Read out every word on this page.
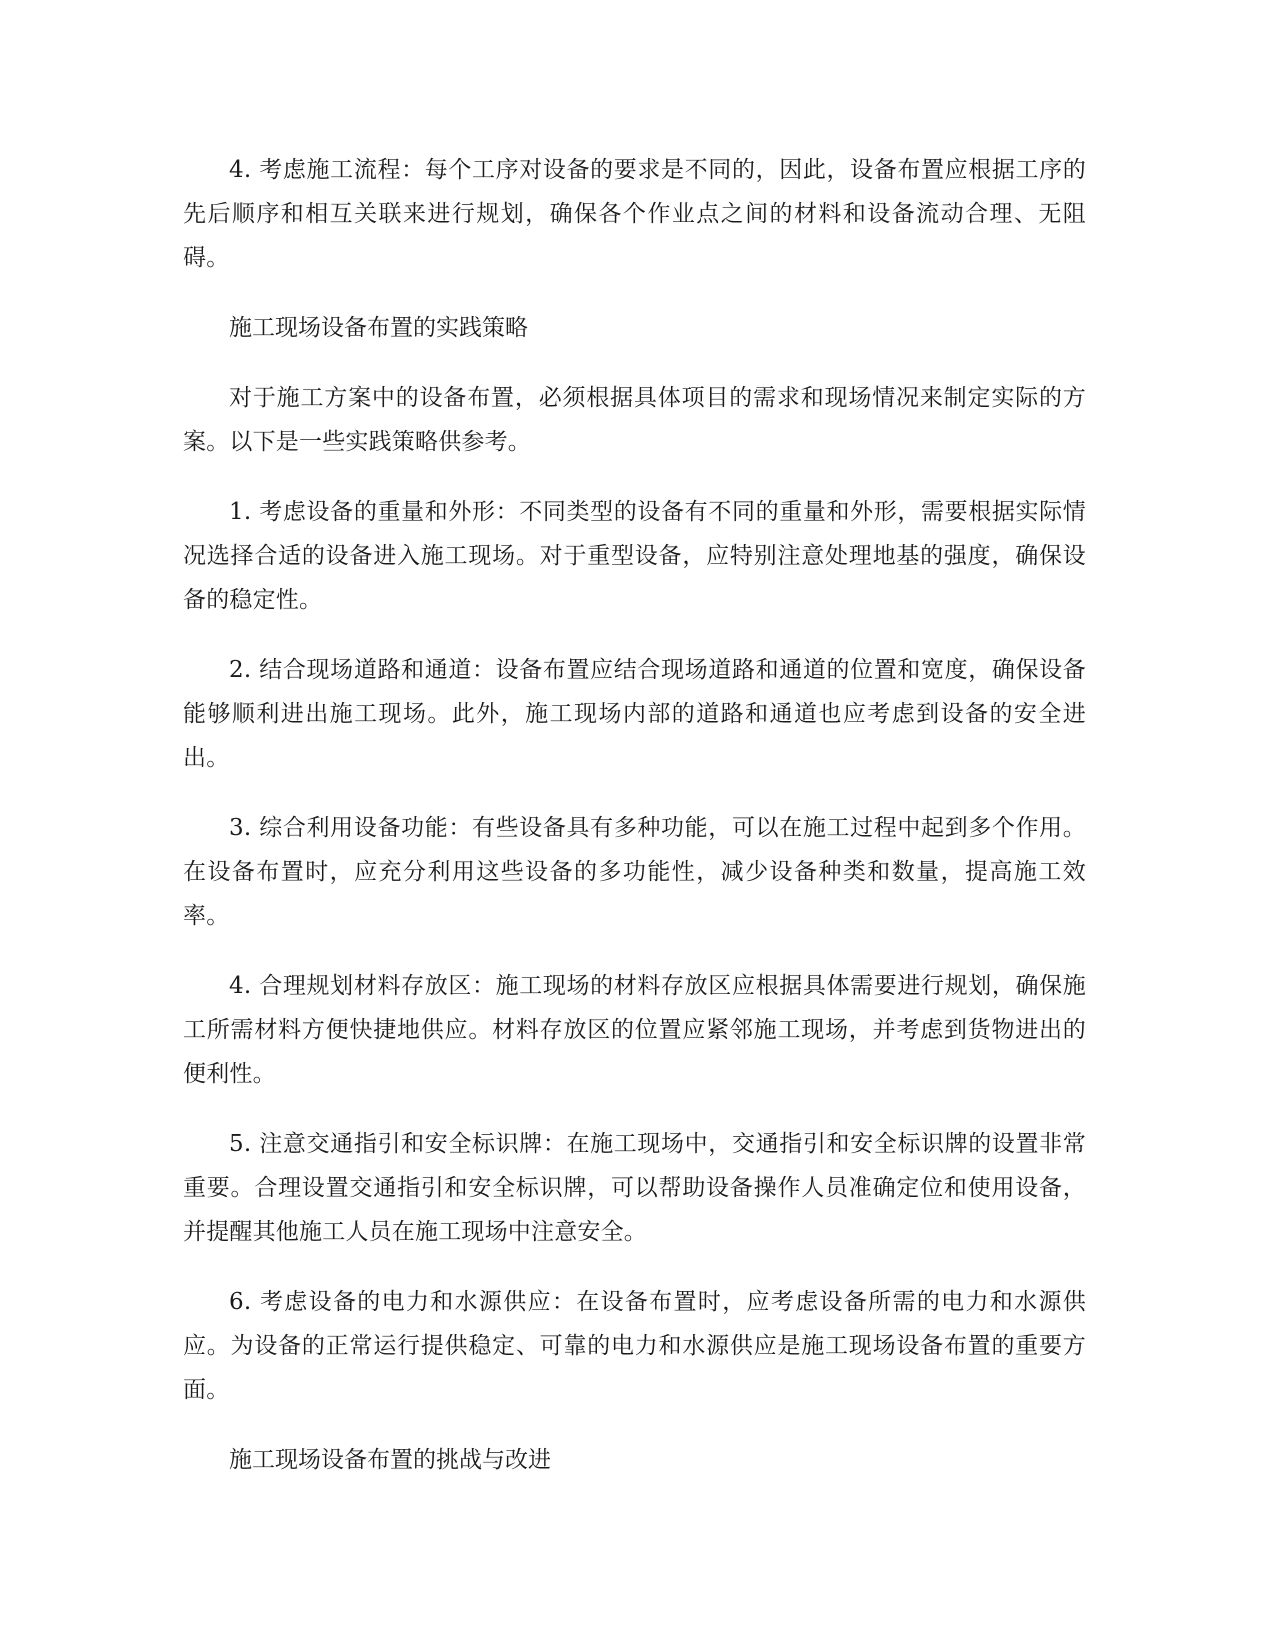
4. 考虑施工流程：每个工序对设备的要求是不同的，因此，设备布置应根据工序的先后顺序和相互关联来进行规划，确保各个作业点之间的材料和设备流动合理、无阻碍。

施工现场设备布置的实践策略

对于施工方案中的设备布置，必须根据具体项目的需求和现场情况来制定实际的方案。以下是一些实践策略供参考。

1. 考虑设备的重量和外形：不同类型的设备有不同的重量和外形，需要根据实际情况选择合适的设备进入施工现场。对于重型设备，应特别注意处理地基的强度，确保设备的稳定性。

2. 结合现场道路和通道：设备布置应结合现场道路和通道的位置和宽度，确保设备能够顺利进出施工现场。此外，施工现场内部的道路和通道也应考虑到设备的安全进出。

3. 综合利用设备功能：有些设备具有多种功能，可以在施工过程中起到多个作用。在设备布置时，应充分利用这些设备的多功能性，减少设备种类和数量，提高施工效率。

4. 合理规划材料存放区：施工现场的材料存放区应根据具体需要进行规划，确保施工所需材料方便快捷地供应。材料存放区的位置应紧邻施工现场，并考虑到货物进出的便利性。

5. 注意交通指引和安全标识牌：在施工现场中，交通指引和安全标识牌的设置非常重要。合理设置交通指引和安全标识牌，可以帮助设备操作人员准确定位和使用设备，并提醒其他施工人员在施工现场中注意安全。

6. 考虑设备的电力和水源供应：在设备布置时，应考虑设备所需的电力和水源供应。为设备的正常运行提供稳定、可靠的电力和水源供应是施工现场设备布置的重要方面。

施工现场设备布置的挑战与改进
